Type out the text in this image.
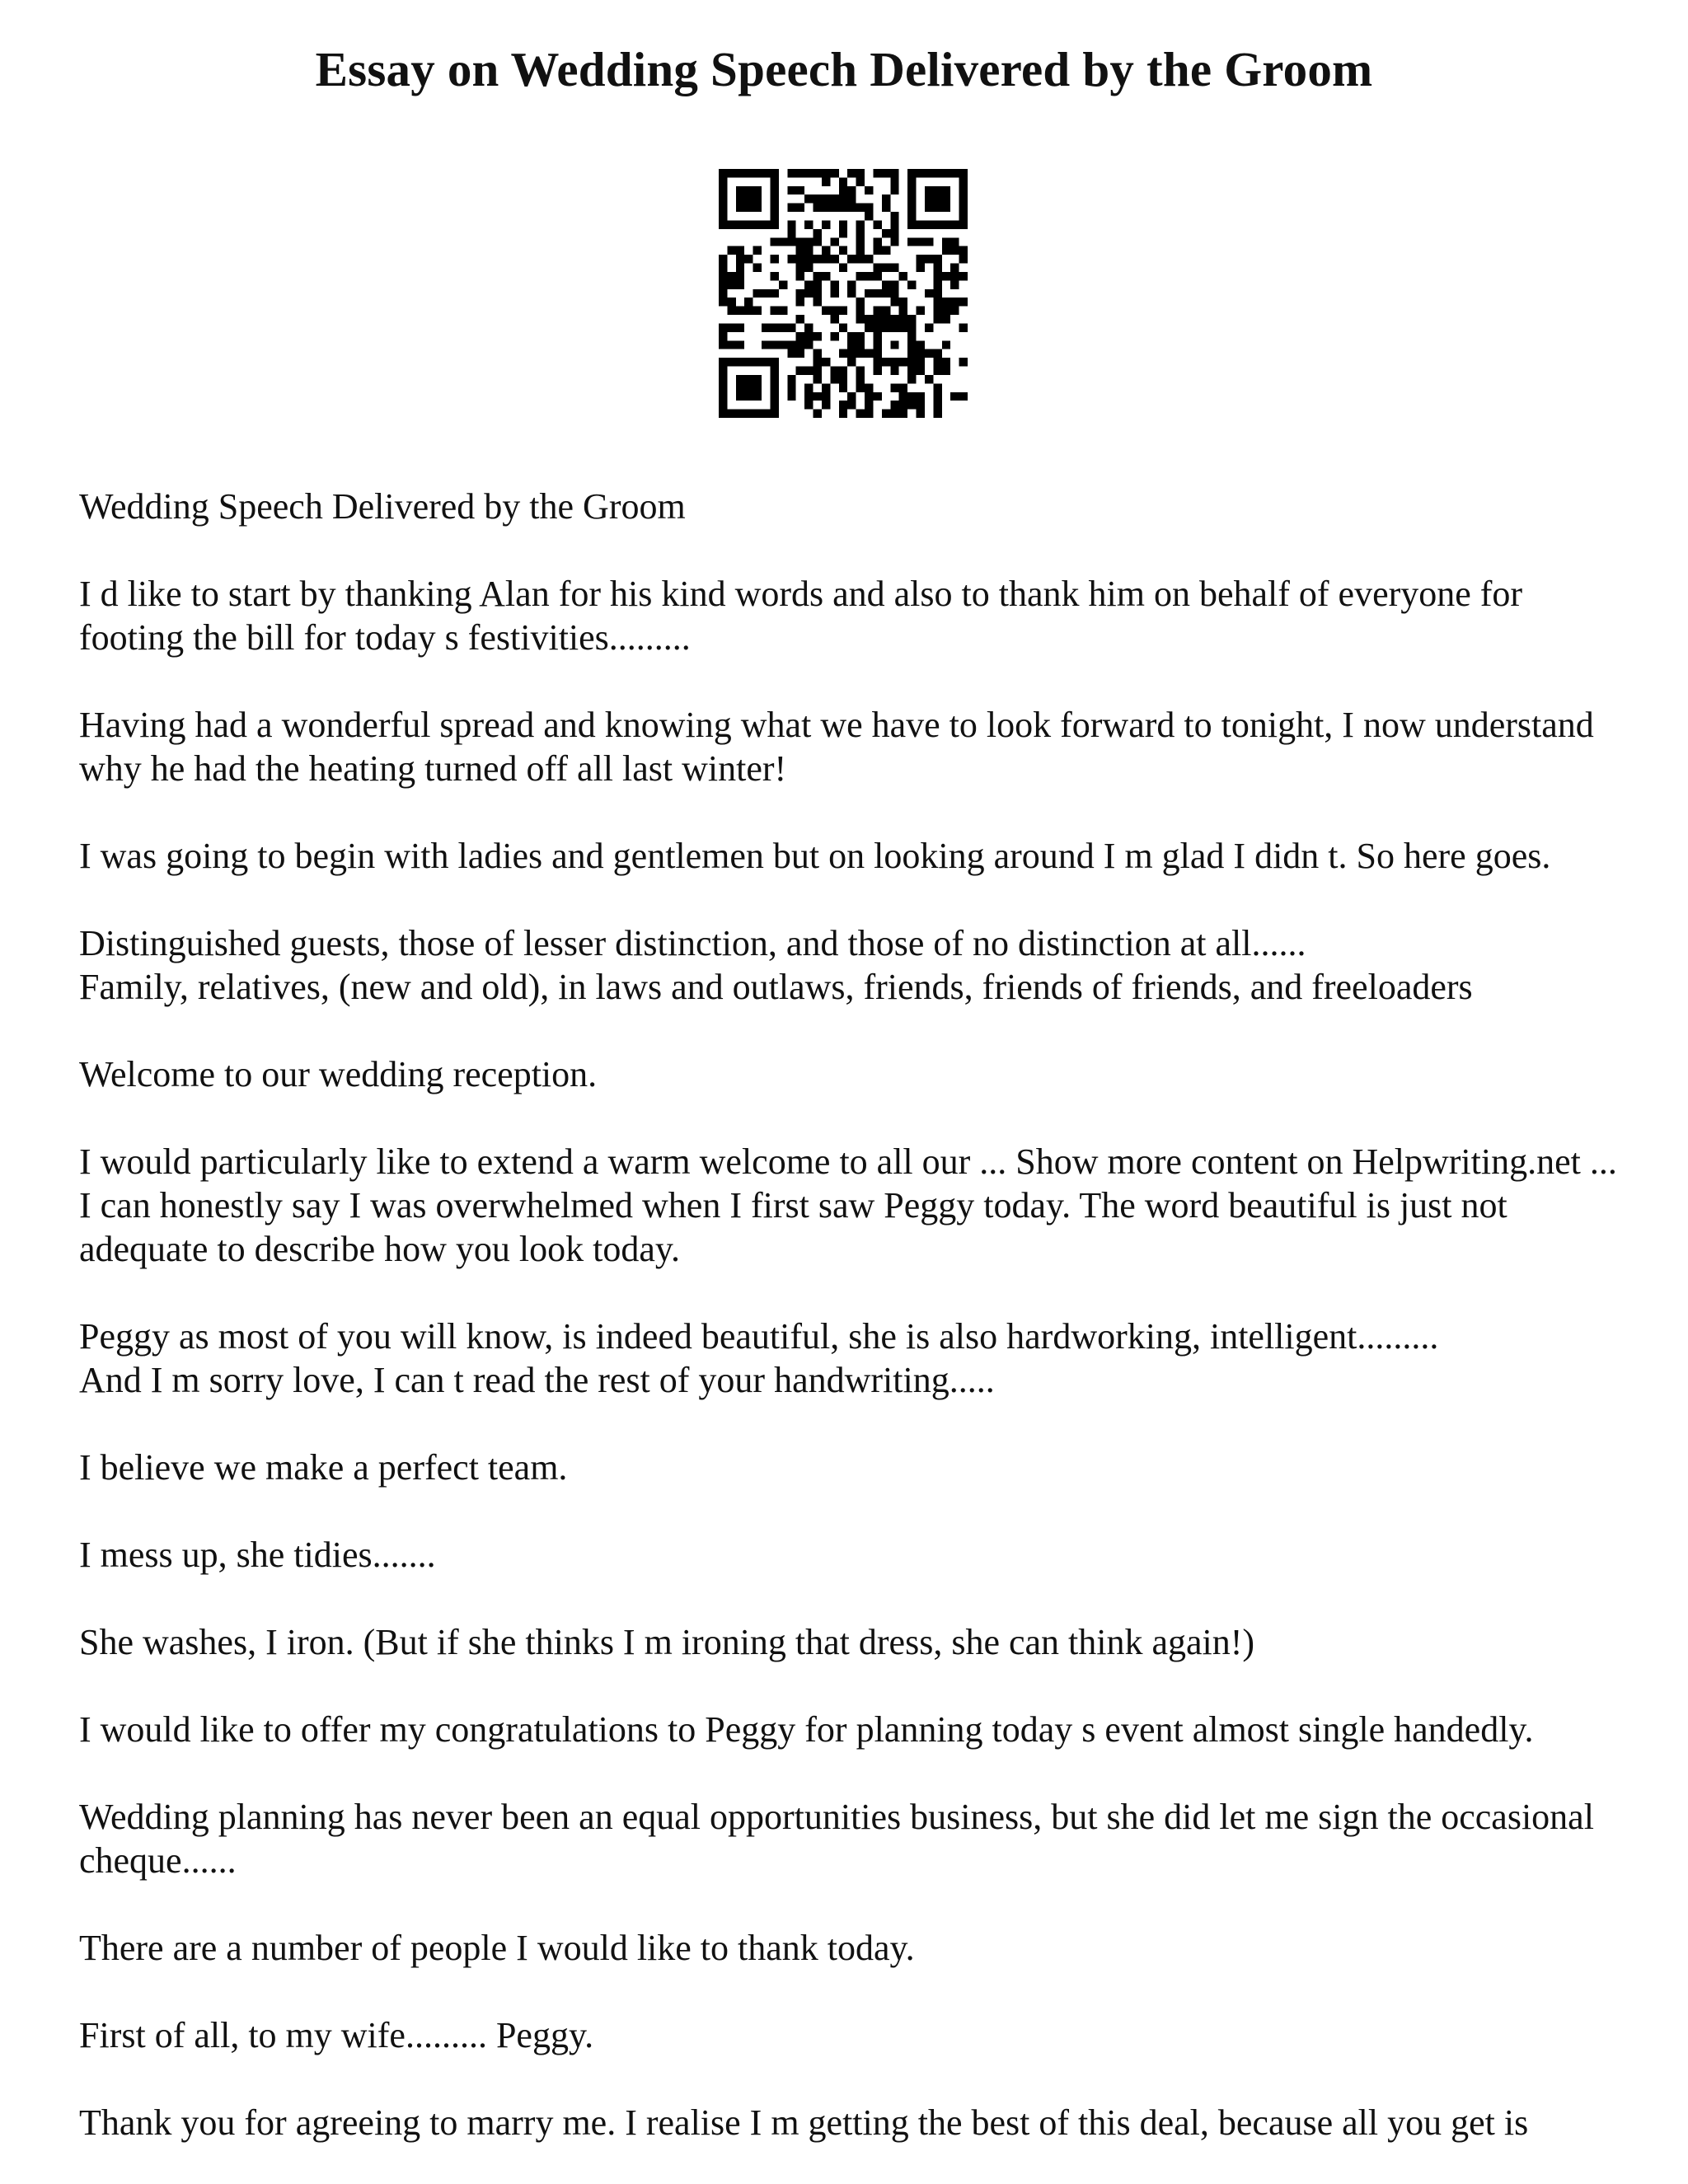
Essay on Wedding Speech Delivered by the Groom

Wedding Speech Delivered by the Groom

I d like to start by thanking Alan for his kind words and also to thank him on behalf of everyone for footing the bill for today s festivities.........

Having had a wonderful spread and knowing what we have to look forward to tonight, I now understand why he had the heating turned off all last winter!

I was going to begin with ladies and gentlemen but on looking around I m glad I didn t. So here goes.

Distinguished guests, those of lesser distinction, and those of no distinction at all......
Family, relatives, (new and old), in laws and outlaws, friends, friends of friends, and freeloaders

Welcome to our wedding reception.

I would particularly like to extend a warm welcome to all our ... Show more content on Helpwriting.net ...

I can honestly say I was overwhelmed when I first saw Peggy today. The word beautiful is just not adequate to describe how you look today.

Peggy as most of you will know, is indeed beautiful, she is also hardworking, intelligent.........
And I m sorry love, I can t read the rest of your handwriting.....

I believe we make a perfect team.

I mess up, she tidies.......

She washes, I iron. (But if she thinks I m ironing that dress, she can think again!)

I would like to offer my congratulations to Peggy for planning today s event almost single handedly.

Wedding planning has never been an equal opportunities business, but she did let me sign the occasional cheque......

There are a number of people I would like to thank today.

First of all, to my wife......... Peggy.

Thank you for agreeing to marry me. I realise I m getting the best of this deal, because all you get is
